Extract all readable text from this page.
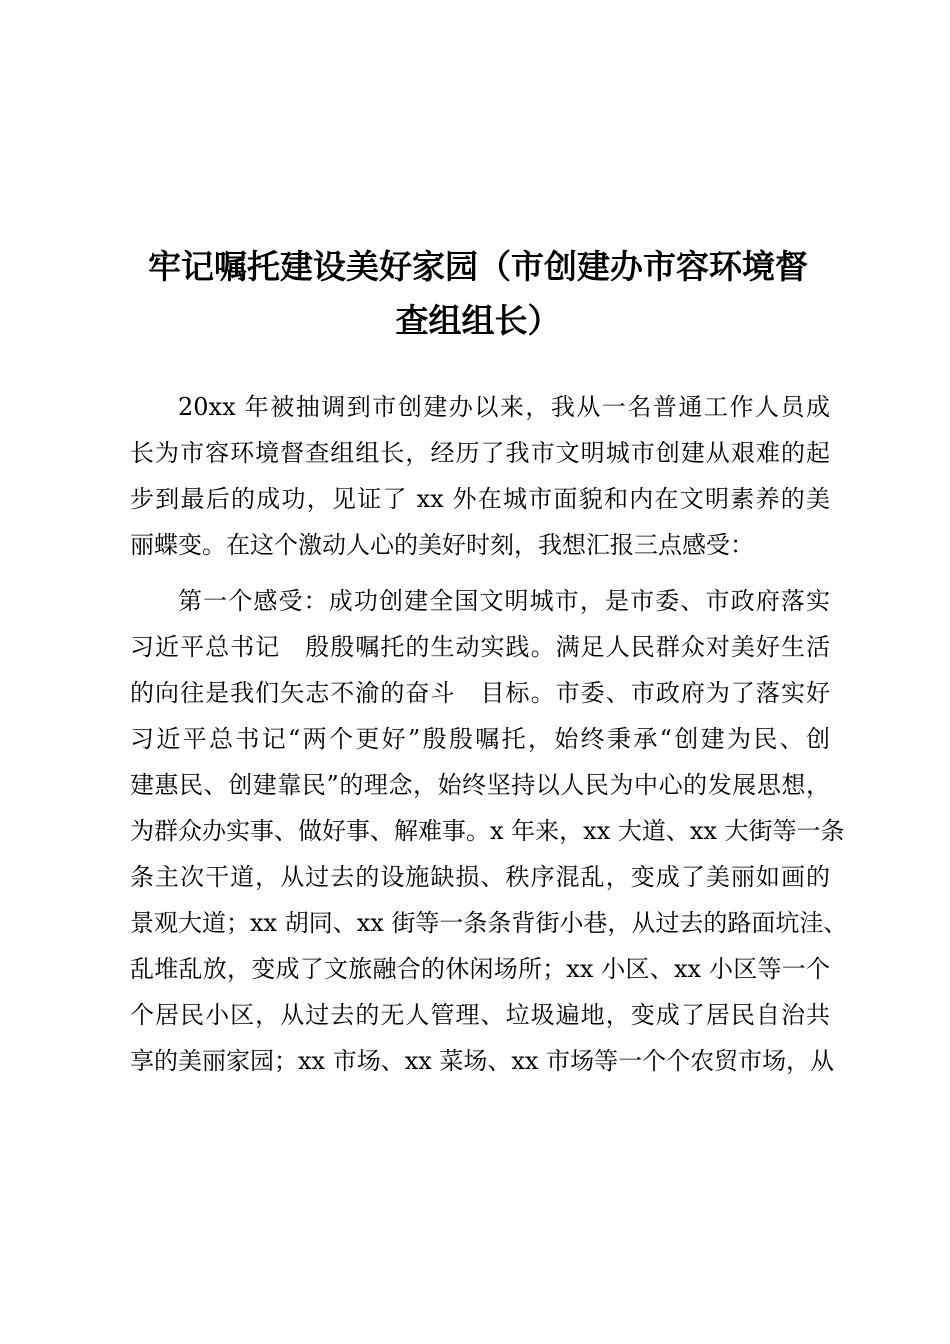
牢记嘱托建设美好家园（市创建办市容环境督
查组组长）
20xx 年被抽调到市创建办以来，我从一名普通工作人员成
长为市容环境督查组组长，经历了我市文明城市创建从艰难的起
步到最后的成功，见证了 xx 外在城市面貌和内在文明素养的美
丽蝶变。在这个激动人心的美好时刻，我想汇报三点感受：
第一个感受：成功创建全国文明城市，是市委、市政府落实
习近平总书记　殷殷嘱托的生动实践。满足人民群众对美好生活
的向往是我们矢志不渝的奋斗　目标。市委、市政府为了落实好
习近平总书记“两个更好”殷殷嘱托，始终秉承“创建为民、创
建惠民、创建靠民”的理念，始终坚持以人民为中心的发展思想，
为群众办实事、做好事、解难事。x 年来，xx 大道、xx 大街等一条
条主次干道，从过去的设施缺损、秩序混乱，变成了美丽如画的
景观大道；xx 胡同、xx 街等一条条背街小巷，从过去的路面坑洼、
乱堆乱放，变成了文旅融合的休闲场所；xx 小区、xx 小区等一个
个居民小区，从过去的无人管理、垃圾遍地，变成了居民自治共
享的美丽家园；xx 市场、xx 菜场、xx 市场等一个个农贸市场，从
